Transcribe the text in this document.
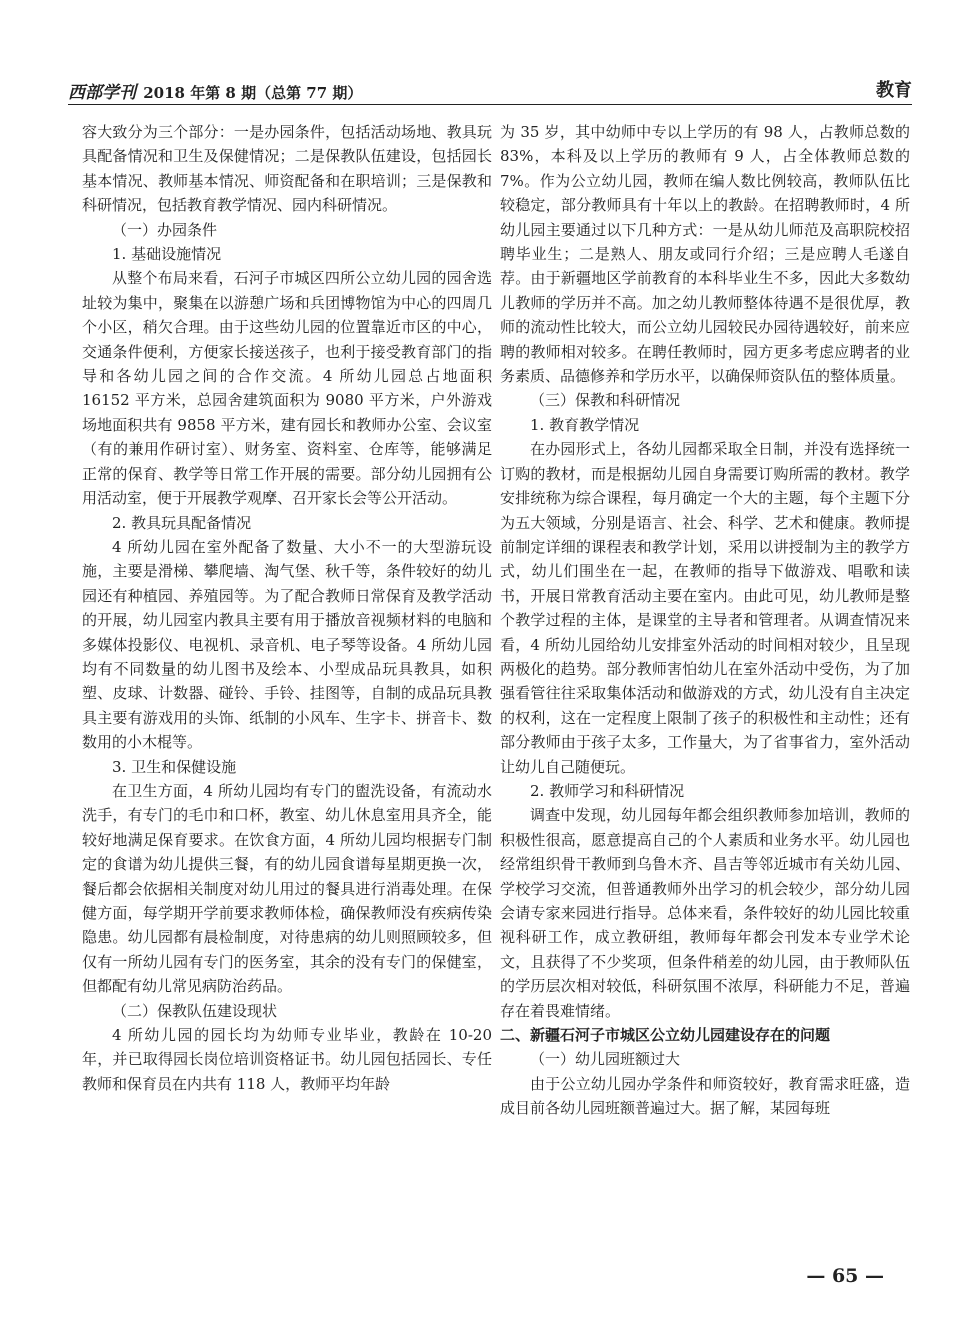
西部学刊 2018 年第 8 期（总第 77 期）	教育

容大致分为三个部分：一是办园条件，包括活动场地、教具玩具配备情况和卫生及保健情况；二是保教队伍建设，包括园长基本情况、教师基本情况、师资配备和在职培训；三是保教和科研情况，包括教育教学情况、园内科研情况。

（一）办园条件

1. 基础设施情况

从整个布局来看，石河子市城区四所公立幼儿园的园舍选址较为集中，聚集在以游憩广场和兵团博物馆为中心的四周几个小区，稍欠合理。由于这些幼儿园的位置靠近市区的中心，交通条件便利，方便家长接送孩子，也利于接受教育部门的指导和各幼儿园之间的合作交流。4 所幼儿园总占地面积 16152 平方米，总园舍建筑面积为 9080 平方米，户外游戏场地面积共有 9858 平方米，建有园长和教师办公室、会议室（有的兼用作研讨室）、财务室、资料室、仓库等，能够满足正常的保育、教学等日常工作开展的需要。部分幼儿园拥有公用活动室，便于开展教学观摩、召开家长会等公开活动。

2. 教具玩具配备情况

4 所幼儿园在室外配备了数量、大小不一的大型游玩设施，主要是滑梯、攀爬墙、淘气堡、秋千等，条件较好的幼儿园还有种植园、养殖园等。为了配合教师日常保育及教学活动的开展，幼儿园室内教具主要有用于播放音视频材料的电脑和多媒体投影仪、电视机、录音机、电子琴等设备。4 所幼儿园均有不同数量的幼儿图书及绘本、小型成品玩具教具，如积塑、皮球、计数器、碰铃、手铃、挂图等，自制的成品玩具教具主要有游戏用的头饰、纸制的小风车、生字卡、拼音卡、数数用的小木棍等。

3. 卫生和保健设施

在卫生方面，4 所幼儿园均有专门的盥洗设备，有流动水洗手，有专门的毛巾和口杯，教室、幼儿休息室用具齐全，能较好地满足保育要求。在饮食方面，4 所幼儿园均根据专门制定的食谱为幼儿提供三餐，有的幼儿园食谱每星期更换一次，餐后都会依据相关制度对幼儿用过的餐具进行消毒处理。在保健方面，每学期开学前要求教师体检，确保教师没有疾病传染隐患。幼儿园都有晨检制度，对待患病的幼儿则照顾较多，但仅有一所幼儿园有专门的医务室，其余的没有专门的保健室，但都配有幼儿常见病防治药品。

（二）保教队伍建设现状

4 所幼儿园的园长均为幼师专业毕业，教龄在 10-20 年，并已取得园长岗位培训资格证书。幼儿园包括园长、专任教师和保育员在内共有 118 人，教师平均年龄

为 35 岁，其中幼师中专以上学历的有 98 人，占教师总数的 83%，本科及以上学历的教师有 9 人，占全体教师总数的 7%。作为公立幼儿园，教师在编人数比例较高，教师队伍比较稳定，部分教师具有十年以上的教龄。在招聘教师时，4 所幼儿园主要通过以下几种方式：一是从幼儿师范及高职院校招聘毕业生；二是熟人、朋友或同行介绍；三是应聘人毛遂自荐。由于新疆地区学前教育的本科毕业生不多，因此大多数幼儿教师的学历并不高。加之幼儿教师整体待遇不是很优厚，教师的流动性比较大，而公立幼儿园较民办园待遇较好，前来应聘的教师相对较多。在聘任教师时，园方更多考虑应聘者的业务素质、品德修养和学历水平，以确保师资队伍的整体质量。

（三）保教和科研情况

1. 教育教学情况

在办园形式上，各幼儿园都采取全日制，并没有选择统一订购的教材，而是根据幼儿园自身需要订购所需的教材。教学安排统称为综合课程，每月确定一个大的主题，每个主题下分为五大领域，分别是语言、社会、科学、艺术和健康。教师提前制定详细的课程表和教学计划，采用以讲授制为主的教学方式，幼儿们围坐在一起，在教师的指导下做游戏、唱歌和读书，开展日常教育活动主要在室内。由此可见，幼儿教师是整个教学过程的主体，是课堂的主导者和管理者。从调查情况来看，4 所幼儿园给幼儿安排室外活动的时间相对较少，且呈现两极化的趋势。部分教师害怕幼儿在室外活动中受伤，为了加强看管往往采取集体活动和做游戏的方式，幼儿没有自主决定的权利，这在一定程度上限制了孩子的积极性和主动性；还有部分教师由于孩子太多，工作量大，为了省事省力，室外活动让幼儿自己随便玩。

2. 教师学习和科研情况

调查中发现，幼儿园每年都会组织教师参加培训，教师的积极性很高，愿意提高自己的个人素质和业务水平。幼儿园也经常组织骨干教师到乌鲁木齐、昌吉等邻近城市有关幼儿园、学校学习交流，但普通教师外出学习的机会较少，部分幼儿园会请专家来园进行指导。总体来看，条件较好的幼儿园比较重视科研工作，成立教研组，教师每年都会刊发本专业学术论文，且获得了不少奖项，但条件稍差的幼儿园，由于教师队伍的学历层次相对较低，科研氛围不浓厚，科研能力不足，普遍存在着畏难情绪。

二、新疆石河子市城区公立幼儿园建设存在的问题

（一）幼儿园班额过大

由于公立幼儿园办学条件和师资较好，教育需求旺盛，造成目前各幼儿园班额普遍过大。据了解，某园每班

— 65 —
